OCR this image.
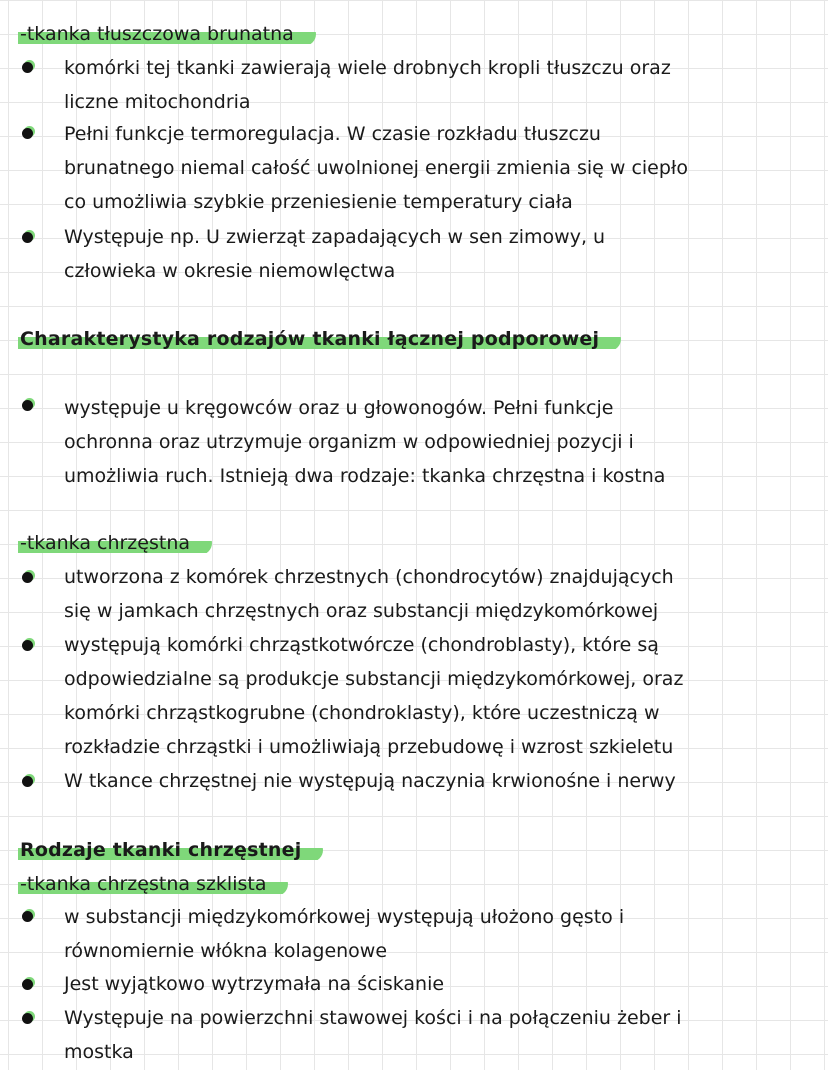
-tkanka tłuszczowa brunatna
komórki tej tkanki zawierają wiele drobnych kropli tłuszczu oraz
liczne mitochondria
Pełni funkcje termoregulacja. W czasie rozkładu tłuszczu
brunatnego niemal całość uwolnionej energii zmienia się w ciepło
co umożliwia szybkie przeniesienie temperatury ciała
Występuje np. U zwierząt zapadających w sen zimowy, u
człowieka w okresie niemowlęctwa
Charakterystyka rodzajów tkanki łącznej podporowej
występuje u kręgowców oraz u głowonogów. Pełni funkcje
ochronna oraz utrzymuje organizm w odpowiedniej pozycji i
umożliwia ruch. Istnieją dwa rodzaje: tkanka chrzęstna i kostna
-tkanka chrzęstna
utworzona z komórek chrzestnych (chondrocytów) znajdujących
się w jamkach chrzęstnych oraz substancji międzykomórkowej
występują komórki chrząstkotwórcze (chondroblasty), które są
odpowiedzialne są produkcje substancji międzykomórkowej, oraz
komórki chrząstkogrubne (chondroklasty), które uczestniczą w
rozkładzie chrząstki i umożliwiają przebudowę i wzrost szkieletu
W tkance chrzęstnej nie występują naczynia krwionośne i nerwy
Rodzaje tkanki chrzęstnej
-tkanka chrzęstna szklista
w substancji międzykomórkowej występują ułożono gęsto i
równomiernie włókna kolagenowe
Jest wyjątkowo wytrzymała na ściskanie
Występuje na powierzchni stawowej kości i na połączeniu żeber i
mostka
